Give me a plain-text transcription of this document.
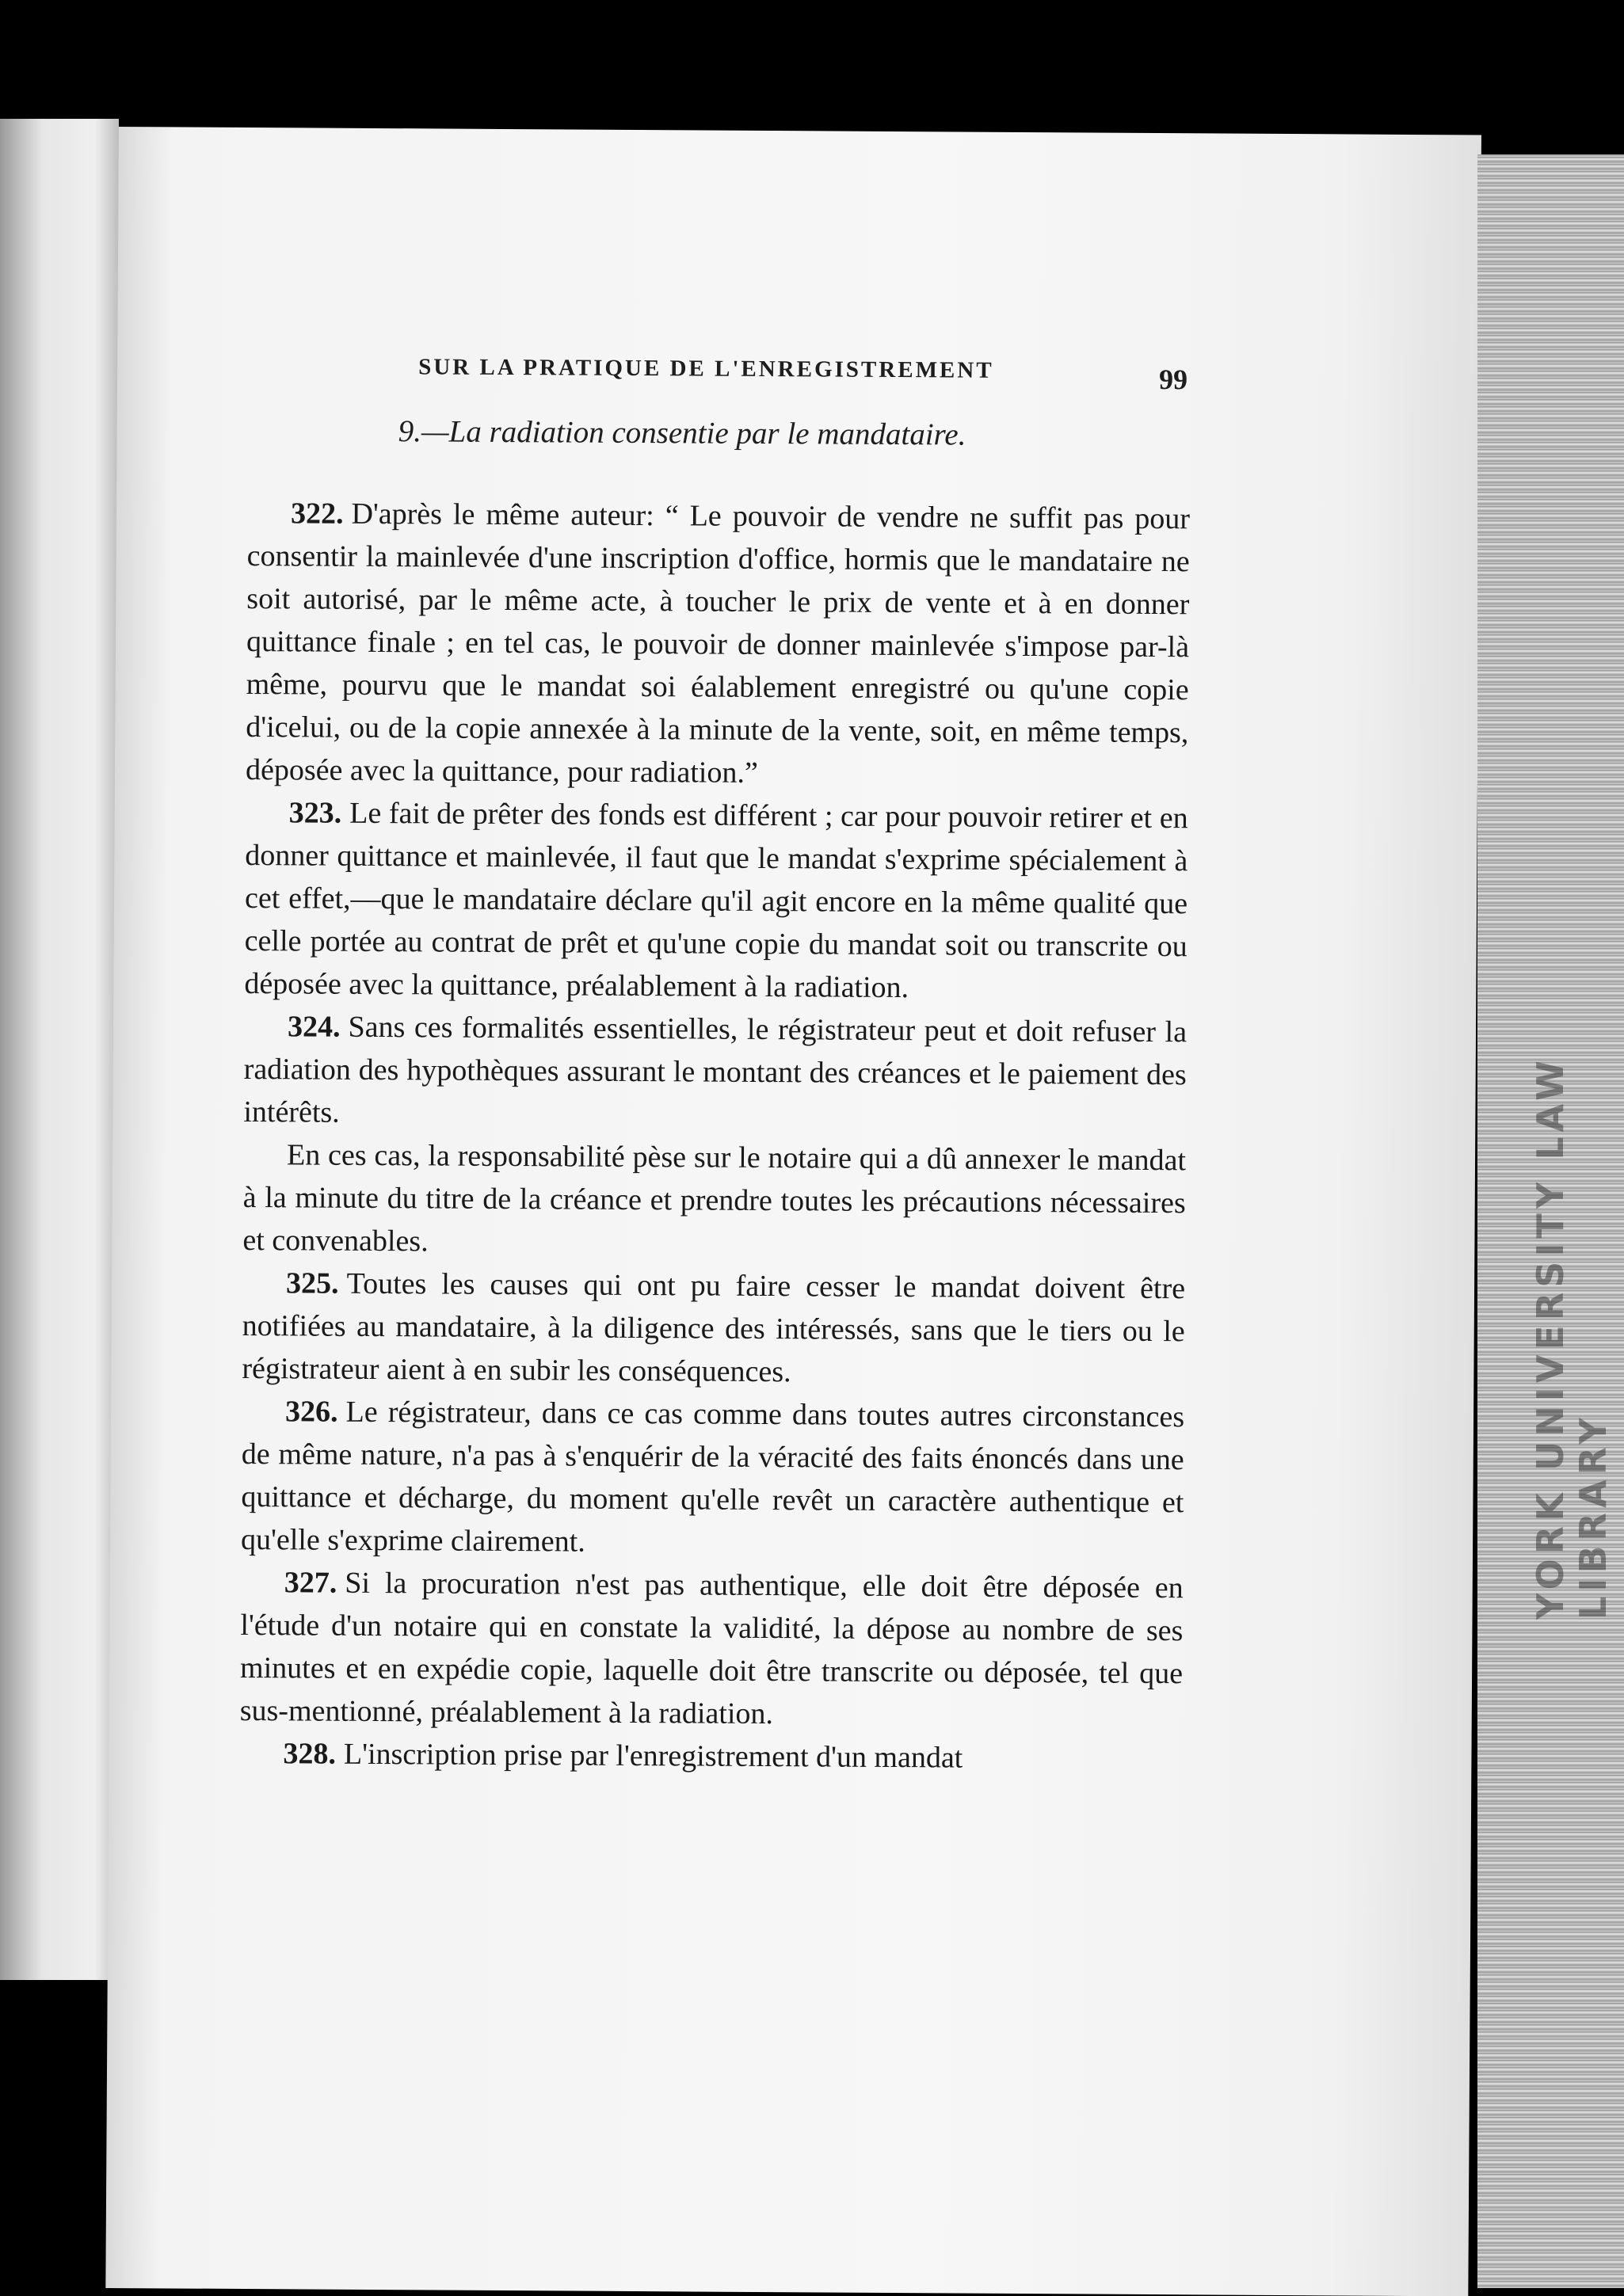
SUR LA PRATIQUE DE L'ENREGISTREMENT	99
9.—La radiation consentie par le mandataire.

322. D'après le même auteur: “ Le pouvoir de vendre ne suffit pas pour consentir la mainlevée d'une inscription d'office, hormis que le mandataire ne soit autorisé, par le même acte, à toucher le prix de vente et à en donner quittance finale ; en tel cas, le pouvoir de donner mainlevée s'impose par-là même, pourvu que le mandat soi éalablement enregistré ou qu'une copie d'icelui, ou de la copie annexée à la minute de la vente, soit, en même temps, déposée avec la quittance, pour radiation.”

323. Le fait de prêter des fonds est différent ; car pour pouvoir retirer et en donner quittance et mainlevée, il faut que le mandat s'exprime spécialement à cet effet,—que le mandataire déclare qu'il agit encore en la même qualité que celle portée au contrat de prêt et qu'une copie du mandat soit ou transcrite ou déposée avec la quittance, préalablement à la radiation.

324. Sans ces formalités essentielles, le régistrateur peut et doit refuser la radiation des hypothèques assurant le montant des créances et le paiement des intérêts.

En ces cas, la responsabilité pèse sur le notaire qui a dû annexer le mandat à la minute du titre de la créance et prendre toutes les précautions nécessaires et convenables.

325. Toutes les causes qui ont pu faire cesser le mandat doivent être notifiées au mandataire, à la diligence des intéressés, sans que le tiers ou le régistrateur aient à en subir les conséquences.

326. Le régistrateur, dans ce cas comme dans toutes autres circonstances de même nature, n'a pas à s'enquérir de la véracité des faits énoncés dans une quittance et décharge, du moment qu'elle revêt un caractère authentique et qu'elle s'exprime clairement.

327. Si la procuration n'est pas authentique, elle doit être déposée en l'étude d'un notaire qui en constate la validité, la dépose au nombre de ses minutes et en expédie copie, laquelle doit être transcrite ou déposée, tel que sus-mentionné, préalablement à la radiation.

328. L'inscription prise par l'enregistrement d'un mandat

YORK UNIVERSITY LAW LIBRARY
